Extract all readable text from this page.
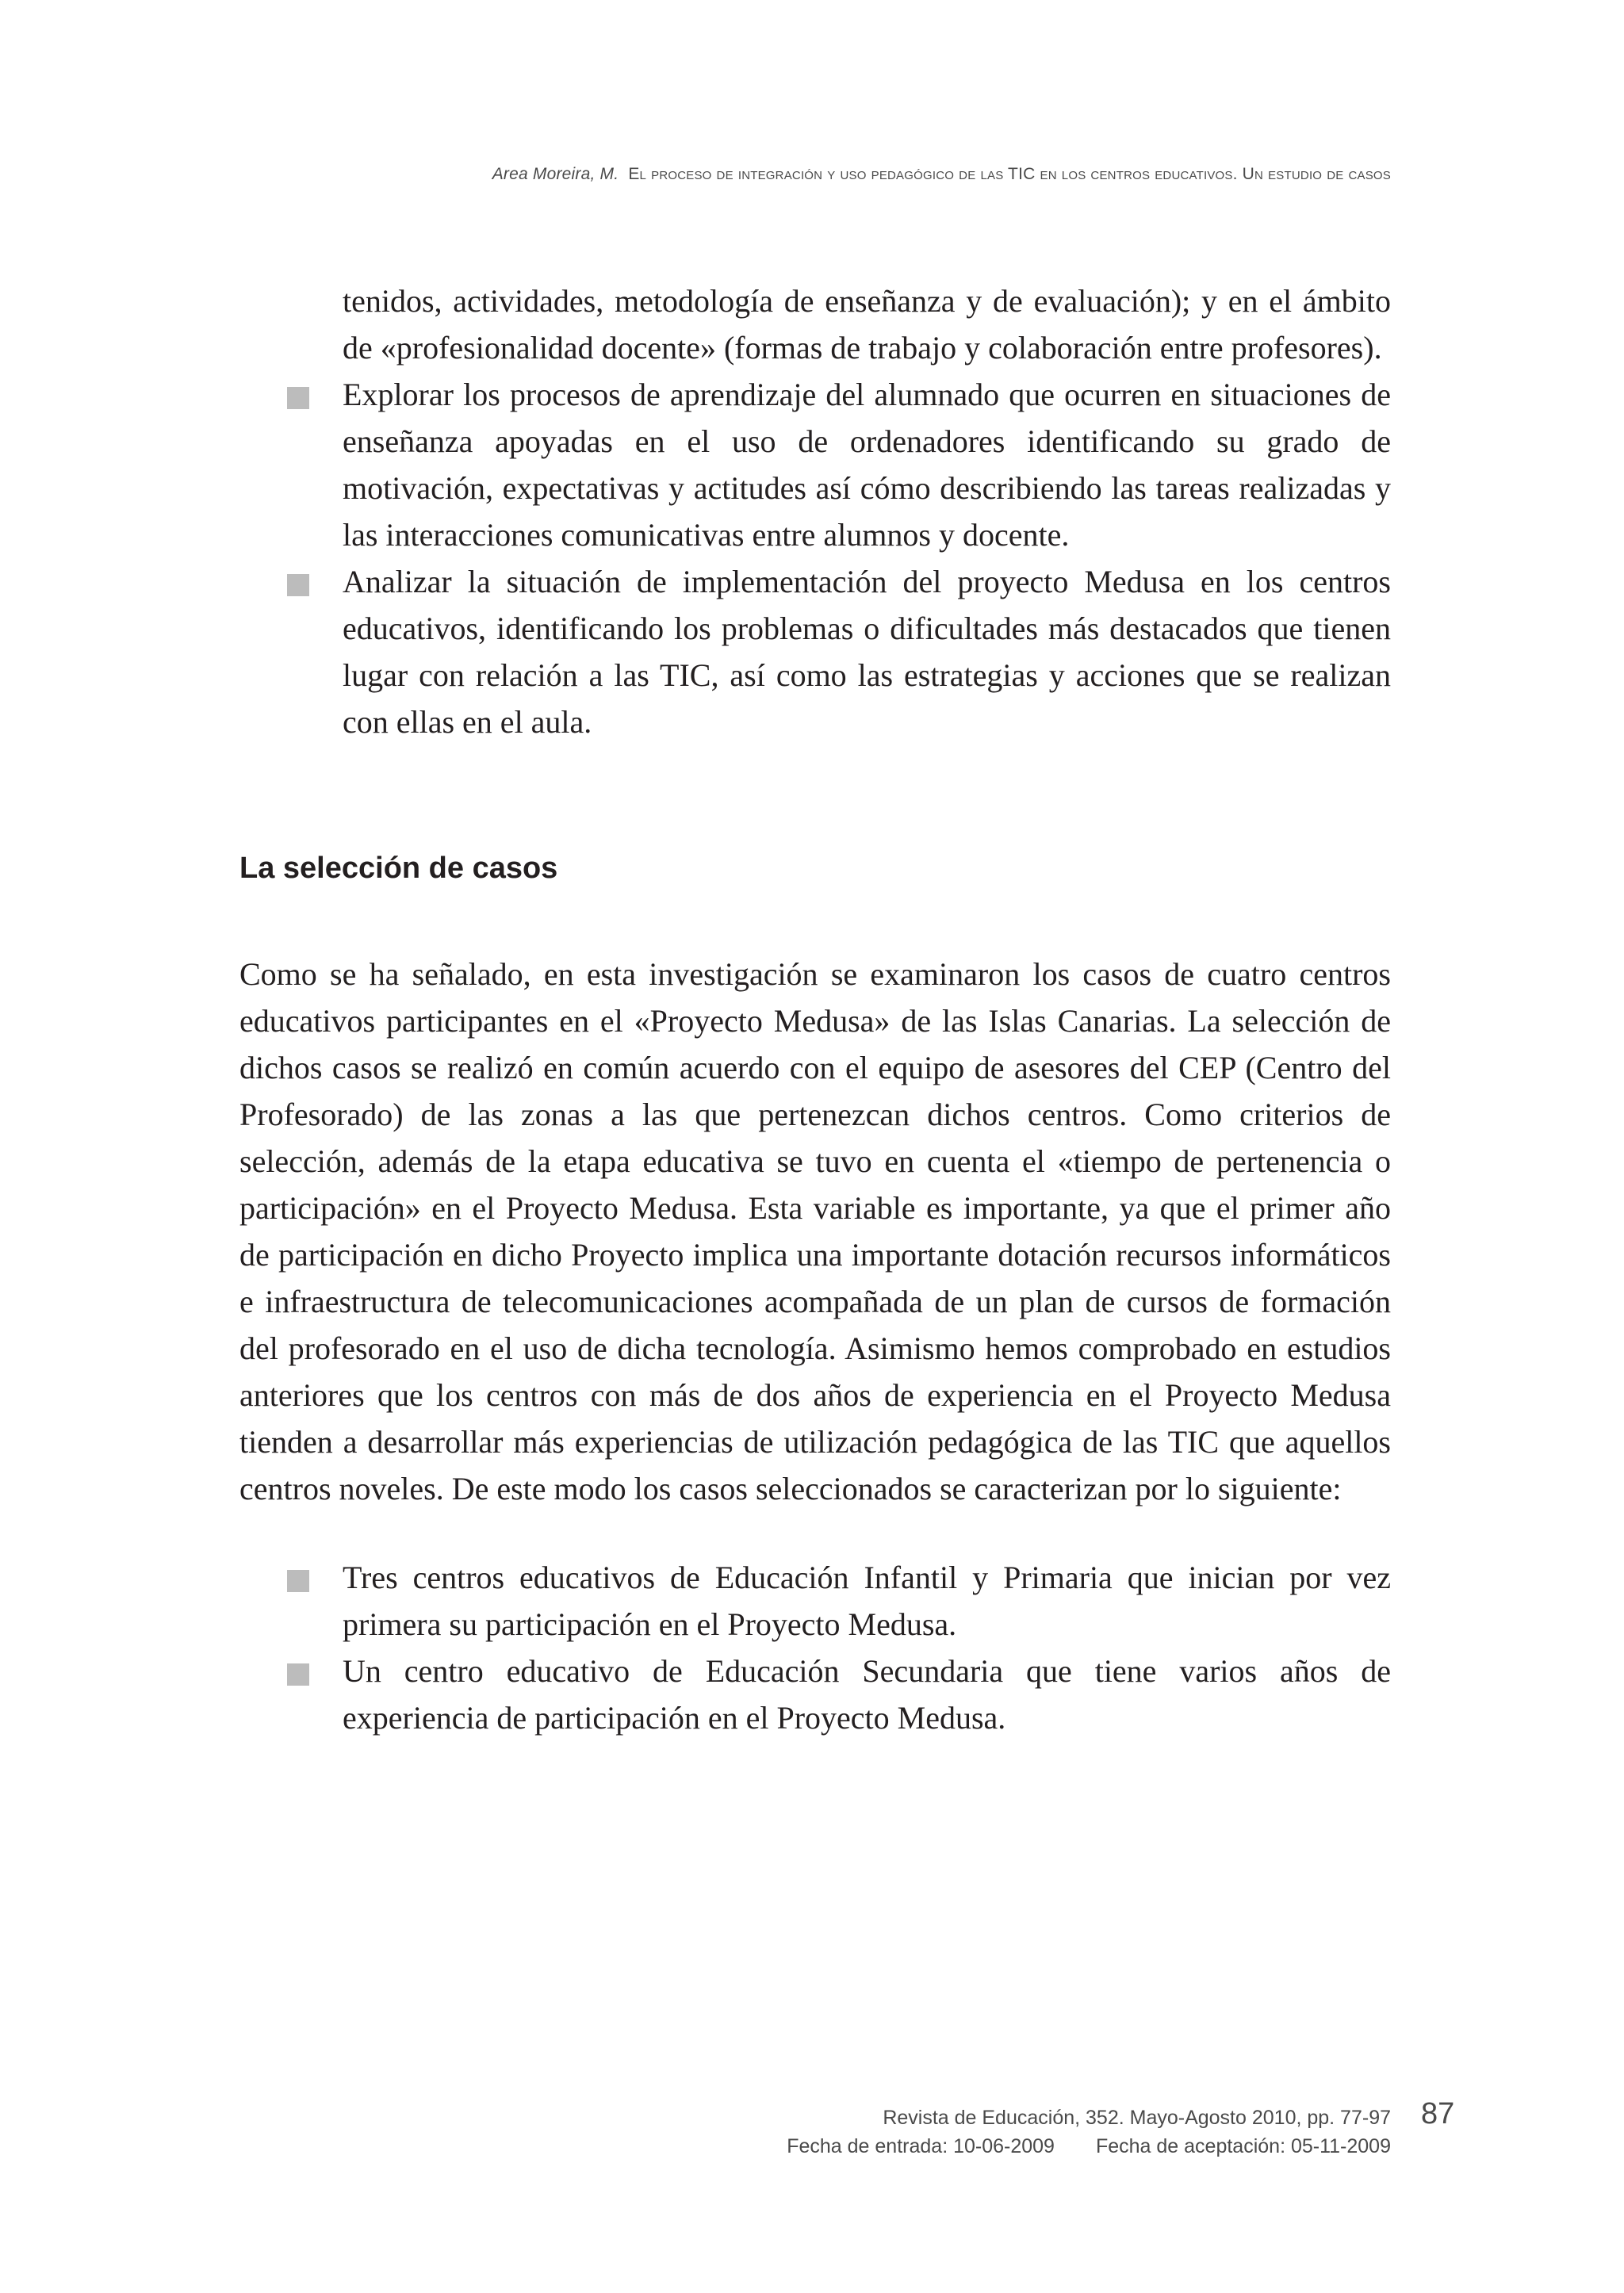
Area Moreira, M. El proceso de integración y uso pedagógico de las TIC en los centros educativos. Un estudio de casos

tenidos, actividades, metodología de enseñanza y de evaluación); y en el ámbito de «profesionalidad docente» (formas de trabajo y colaboración entre profesores).

Explorar los procesos de aprendizaje del alumnado que ocurren en situaciones de enseñanza apoyadas en el uso de ordenadores identificando su grado de motivación, expectativas y actitudes así cómo describiendo las tareas realizadas y las interacciones comunicativas entre alumnos y docente.
Analizar la situación de implementación del proyecto Medusa en los centros educativos, identificando los problemas o dificultades más destacados que tienen lugar con relación a las TIC, así como las estrategias y acciones que se realizan con ellas en el aula.
La selección de casos

Como se ha señalado, en esta investigación se examinaron los casos de cuatro centros educativos participantes en el «Proyecto Medusa» de las Islas Canarias. La selección de dichos casos se realizó en común acuerdo con el equipo de asesores del CEP (Centro del Profesorado) de las zonas a las que pertenezcan dichos centros. Como criterios de selección, además de la etapa educativa se tuvo en cuenta el «tiempo de pertenencia o participación» en el Proyecto Medusa. Esta variable es importante, ya que el primer año de participación en dicho Proyecto implica una importante dotación recursos informáticos e infraestructura de telecomunicaciones acompañada de un plan de cursos de formación del profesorado en el uso de dicha tecnología. Asimismo hemos comprobado en estudios anteriores que los centros con más de dos años de experiencia en el Proyecto Medusa tienden a desarrollar más experiencias de utilización pedagógica de las TIC que aquellos centros noveles. De este modo los casos seleccionados se caracterizan por lo siguiente:

Tres centros educativos de Educación Infantil y Primaria que inician por vez primera su participación en el Proyecto Medusa.
Un centro educativo de Educación Secundaria que tiene varios años de experiencia de participación en el Proyecto Medusa.
Revista de Educación, 352. Mayo-Agosto 2010, pp. 77-97
Fecha de entrada: 10-06-2009 Fecha de aceptación: 05-11-2009
87
